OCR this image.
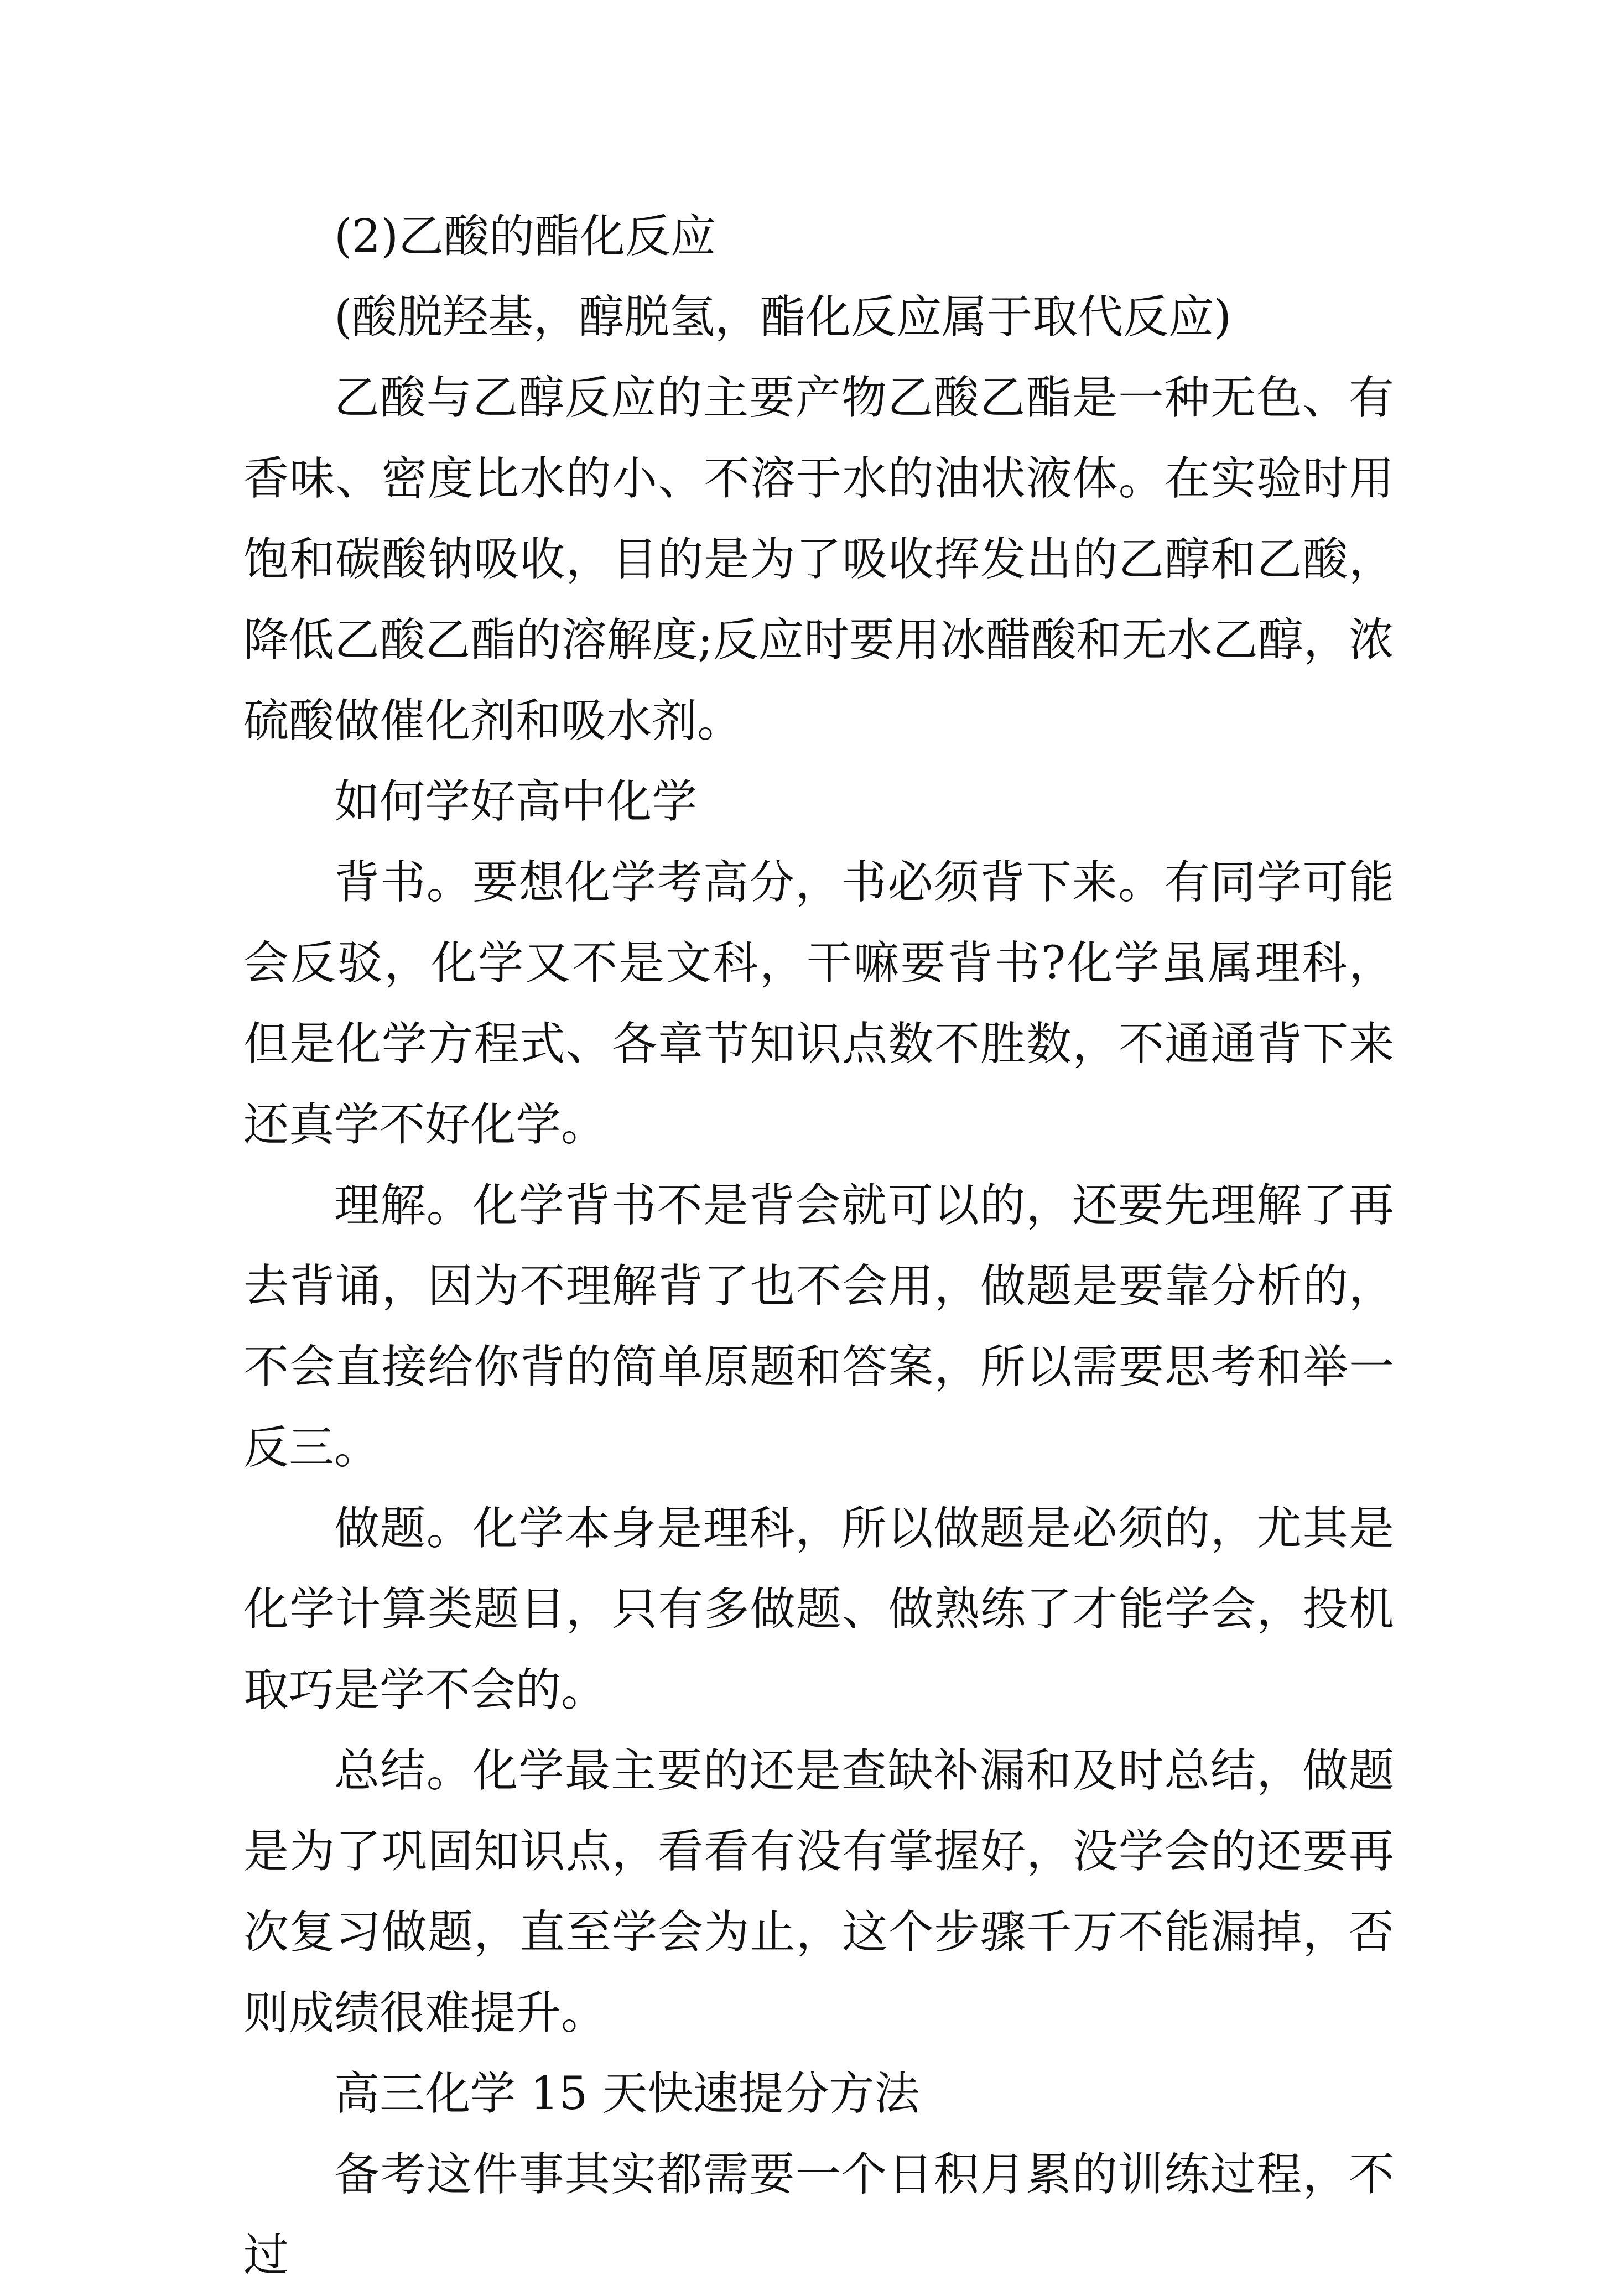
(2)乙酸的酯化反应

(酸脱羟基，醇脱氢，酯化反应属于取代反应)

乙酸与乙醇反应的主要产物乙酸乙酯是一种无色、有香味、密度比水的小、不溶于水的油状液体。在实验时用饱和碳酸钠吸收，目的是为了吸收挥发出的乙醇和乙酸，降低乙酸乙酯的溶解度;反应时要用冰醋酸和无水乙醇，浓硫酸做催化剂和吸水剂。

如何学好高中化学

背书。要想化学考高分，书必须背下来。有同学可能会反驳，化学又不是文科，干嘛要背书?化学虽属理科，但是化学方程式、各章节知识点数不胜数，不通通背下来还真学不好化学。

理解。化学背书不是背会就可以的，还要先理解了再去背诵，因为不理解背了也不会用，做题是要靠分析的，不会直接给你背的简单原题和答案，所以需要思考和举一反三。

做题。化学本身是理科，所以做题是必须的，尤其是化学计算类题目，只有多做题、做熟练了才能学会，投机取巧是学不会的。

总结。化学最主要的还是查缺补漏和及时总结，做题是为了巩固知识点，看看有没有掌握好，没学会的还要再次复习做题，直至学会为止，这个步骤千万不能漏掉，否则成绩很难提升。

高三化学 15 天快速提分方法

备考这件事其实都需要一个日积月累的训练过程，不过
